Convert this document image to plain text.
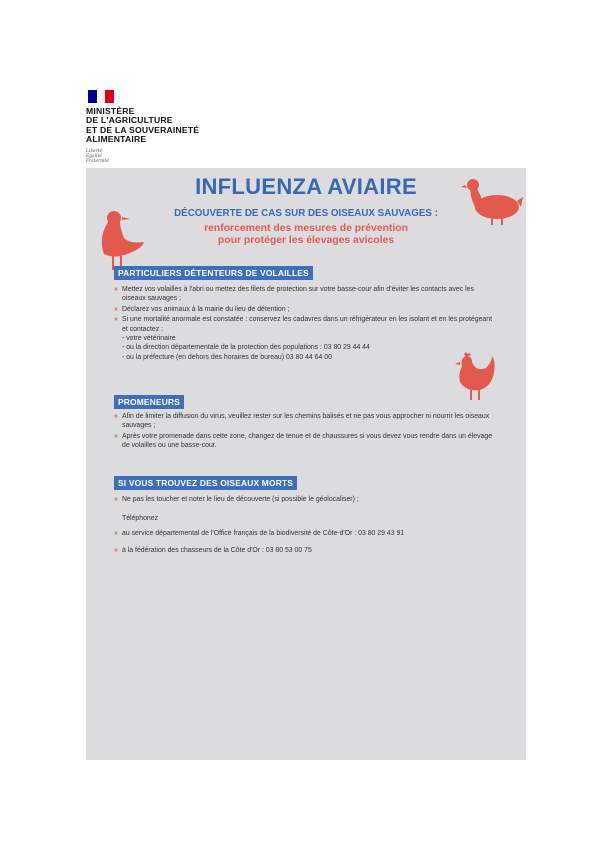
MINISTÈRE
DE L'AGRICULTURE
ET DE LA SOUVERAINETÉ
ALIMENTAIRE
Liberté
Égalité
Fraternité
INFLUENZA AVIAIRE
DÉCOUVERTE DE CAS SUR DES OISEAUX SAUVAGES :
renforcement des mesures de prévention
pour protéger les élevages avicoles
PARTICULIERS DÉTENTEURS DE VOLAILLES
» Mettez vos volailles à l'abri ou mettez des filets de protection sur votre basse-cour afin d'éviter les contacts avec les oiseaux sauvages ;
» Déclarez vos animaux à la mairie du lieu de détention ;
» Si une mortalité anormale est constatée : conservez les cadavres dans un réfrigérateur en les isolant et en les protégeant et contactez :
- votre vétérinaire
- ou la direction départementale de la protection des populations : 03 80 29 44 44
- ou la préfecture (en dehors des horaires de bureau) 03 80 44 64 00
PROMENEURS
» Afin de limiter la diffusion du virus, veuillez rester sur les chemins balisés et ne pas vous approcher ni nourrir les oiseaux sauvages ;
» Après votre promenade dans cette zone, changez de tenue et de chaussures si vous devez vous rendre dans un élevage de volailles ou une basse-cour.
SI VOUS TROUVEZ DES OISEAUX MORTS
» Ne pas les toucher et noter le lieu de découverte (si possible le géolocaliser) ;
Téléphonez
» au service départemental de l'Office français de la biodiversité de Côte-d'Or : 03 80 29 43 91
» à la fédération des chasseurs de la Côte d'Or : 03 80 53 00 75
